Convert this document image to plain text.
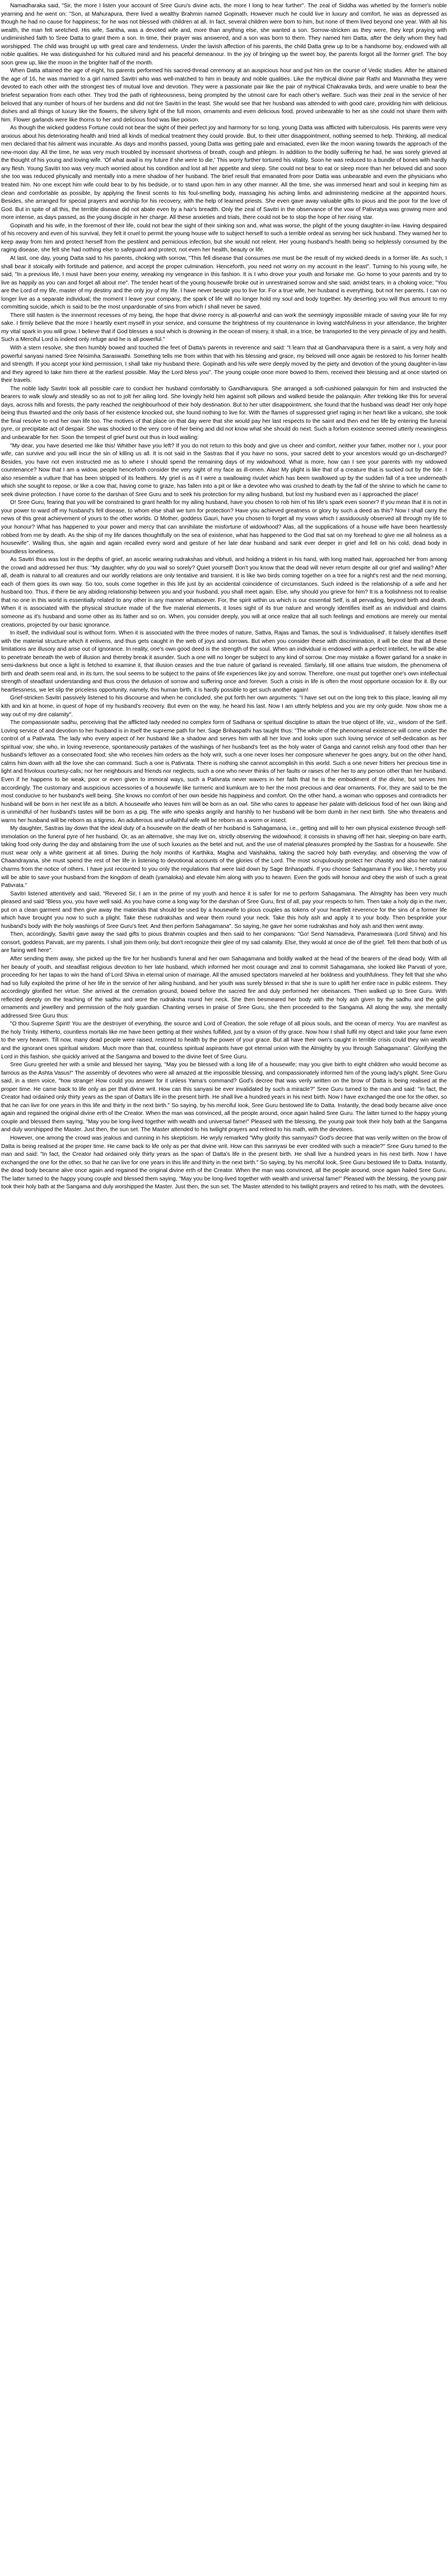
Namadharaka said, "Sir, the more I listen your account of Sree Guru's divine acts, the more I long to hear further". The zeal of Siddha was whetted by the former's noble yearning and he went on: "Son, at Mahurapura, there lived a wealthy Brahmin named Gopinath. However much he could live in luxury and comfort, he was as depressed as though he had no cause for happiness; for he was not blessed with children at all. In fact, several children were born to him, but none of them lived beyond one year. With all his wealth, the man felt wretched. His wife, Santha, was a devoted wife and, more than anything else, she wanted a son. Sorrow-stricken as they were, they kept praying with undiminished faith to Sree Datta to grant them a son. In time, their prayer was answered, and a son was born to them. They named him Datta, after the deity whom they had worshipped. The child was brought up with great care and tenderness. Under the lavish affection of his parents, the child Datta grew up to be a handsome boy, endowed with all noble qualities. He was distinguished for his cultured mind and his peaceful demeanour. In the joy of bringing up the sweet boy, the parents forgot all the former grief. The boy soon grew up, like the moon in the brighter half of the month.

When Datta attained the age of eight, his parents performed his sacred-thread ceremony at an auspicious hour and put him on the course of Vedic studies. After he attained the age of 16, he was married to a girl named Savitri who was well-matched to him in beauty and noble qualities. Like the mythical divine pair Rathi and Manmatha they were devoted to each other with the strongest ties of mutual love and devotion. They were a passionate pair like the pair of mythical Chakravaka birds, and were unable to bear the briefest separation from each other. They trod the path of righteousness, being prompted by the utmost care for each other's welfare. Such was their zeal in the service of her beloved that any number of hours of her burdens and did not tire Savitri in the least. She would see that her husband was attended to with good care, providing him with delicious dishes and all things of luxury like the flowers, the silvery light of the full moon, ornaments and even delicious food, proved unbearable to her as she could not share them with him. Flower garlands were like thorns to her and delicious food was like poison.

As though the wicked goddess Fortune could not bear the sight of their perfect joy and harmony for so long, young Datta was afflicted with tuberculosis. His parents were very anxious about his deteriorating health and tried all kinds of medical treatment they could provide. But, to their utter disappointment, nothing seemed to help. Thinking, all medical men declared that his ailment was incurable. As days and months passed, young Datta was getting pale and emaciated, even like the moon waning towards the approach of the new-moon day. All the time, he was very much troubled by incessant shortness of breath, cough and phlegm. In addition to the bodily suffering he had, he was sorely grieved at the thought of his young and loving wife. 'Of what avail is my future if she were to die,' This worry further tortured his vitality. Soon he was reduced to a bundle of bones with hardly any flesh. Young Savitri too was very much worried about his condition and lost all her appetite and sleep. She could not bear to eat or sleep more than her beloved did and soon she too was reduced physically and mentally into a mere shadow of her husband. The brief result that emanated from poor Datta was unbearable and even the physicians who treated him. No one except him wife could bear to by his bedside, or to stand upon him in any other manner. All the time, she was immersed heart and soul in keeping him as clean and comfortable as possible, by applying the finest scents to his foul-smelling body, massaging his aching limbs and administering medicine at the appointed hours. Besides, she arranged for special prayers and worship for his recovery, with the help of learned priests. She even gave away valuable gifts to pious and the poor for the love of God. But in spite of all this, the terrible disease did not abate even by a hair's breadth. Only the zeal of Savitri in the observance of the vow of Pativratya was growing more and more intense, as days passed, as the young disciple in her charge. All these anxieties and trials, there could not be to stop the hope of her rising star.

Gopinath and his wife, in the foremost of their life, could not bear the sight of their sinking son and, what was worse, the plight of the young daughter-in-law. Having despaired of his recovery and even of his survival, they felt it cruel to permit the young house wife to subject herself to such a terrible ordeal as serving her sick husband. They warned her to keep away from him and protect herself from the pestilent and pernicious infection, but she would not relent. Her young husband's health being so helplessly consumed by the raging disease, she felt she had nothing else to safeguard and protect, not even her health, beauty or life.

At last, one day, young Datta said to his parents, choking with sorrow, "This fell disease that consumes me must be the result of my wicked deeds in a former life. As such, I shall bear it stoically with fortitude and patience, and accept the proper culmination. Henceforth, you need not worry on my account in the least". Turning to his young wife, he said, "In a previous life, I must have been your enemy, wreaking my vengeance in this fashion. It is I who drove your youth and forsake me. Go home to your parents and try to live as happily as you can and forget all about me". The tender heart of the young housewife broke out in unrestrained sorrow and she said, amidst tears, in a choking voice; "You are the Lord of my life, master of my destiny and the only joy of my life. I have never beside you to live for. For a true wife, her husband is everything, but not her parents. I can no longer live as a separate individual; the moment I leave your company, the spark of life will no longer hold my soul and body together. My deserting you will thus amount to my committing suicide, which is said to be the most unpardonable of sins from which I shall never be saved.

There still hasten is the innermost recesses of my being, the hope that divine mercy is all-powerful and can work the seemingly impossible miracle of saving your life for my sake. I firmly believe that the more I heartily exert myself in your service, and consume the brightness of my countenance in loving watchfulness in your attendance, the brighter my vital spark in you will grow. I believe that if God blesses a soul which is drowning in the ocean of misery, it shall, in a trice, be transported to the very pinnacle of joy and health. Such a Merciful Lord is indeed only refuge and he is all powerful."

With a stern resolve, she then humbly bowed and touched the feet of Datta's parents in reverence and said: "I learn that at Gandharvapura there is a saint, a very holy and powerful sanyasi named Sree Nrisimha Saraswathi. Something tells me from within that with his blessing and grace, my beloved will once again be restored to his former health and strength. If you accept your kind permission, I shall take my husband there. Gopinath and his wife were deeply moved by the piety and devotion of the young daughter-in-law and they agreed to take him there at the earliest possible. May the Lord bless you". The young couple once more bowed to them, received their blessing and at once started on their travels.

The noble lady Savitri took all possible care to conduct her husband comfortably to Gandharvapura. She arranged a soft-cushioned palanquin for him and instructed the bearers to walk slowly and steadily so as not to jolt her ailing lord. She lovingly held him against soft pillows and walked beside the palanquin. After trekking like this for several days, across hills and forests, the party reached the neighbourhood of their holy destination. But to her utter disappointment, she found that the husband was dead! Her only hope being thus thwarted and the only basis of her existence knocked out, she found nothing to live for. With the flames of suppressed grief raging in her heart like a volcano, she took the final resolve to end her own life too. The motives of that place on that day were that she would pay her last respects to the saint and then end her life by entering the funeral pyre, or precipitate act of despair. She was shocked to the very core of her being and did not know what she should do next. Such a forlorn existence seemed utterly meaningless and unbearable for her. Soon the tempest of grief burst out thus in loud wailing:

"My dear, you have deserted me like this! Whither have you left? If you do not return to this body and give us cheer and comfort, neither your father, mother nor I, your poor wife, can survive and you will incur the sin of killing us all. It is not said in the Sastras that if you have no sons, your sacred debt to your ancestors would go un-discharged? Besides, you have not even instructed me as to where I should spend the remaining days of my widowhood. What is more, how can I see your parents with my widowed countenance? Now that I am a widow, people henceforth consider the very sight of my face as ill-omen. Alas! My plight is like that of a creature that is sucked out by the tide. I also resemble a vulture that has been stripped of its feathers. My grief is as if I were a swallowing rivulet which has been swallowed up by the sudden fall of a tree underneath which she sought to repose, or like a cow that, having come to graze, has fallen into a pit or like a devotee who was crushed to death by the fall of the shrine to which he came to seek divine protection. I have come to the darshan of Sree Guru and to seek his protection for my ailing husband, but lost my husband even as I approached the place!

O! Sree Guru, fearing that you will be constrained to grant health for my ailing husband, have you chosen to rob him of his life's spark even sooner? If you mean that it is not in your power to ward off my husband's fell disease, to whom else shall we turn for protection? Have you achieved greatness or glory by such a deed as this? Now I shall carry the news of this great achievement of yours to the other worlds. O Mother, goddess Gauri, have you chosen to forget all my vows which I assiduously observed all through my life to your honour? What has happened to your power and mercy that can annihilate the misfortune of widowhood? Alas, all the supplications of a house wife have been heartlessly robbed from me by death. As the ship of my life dances thoughtfully on the sea of existence, what has happened to the God that sat on my forehead to give me all holiness as a housewife". Wailing thus, she again and again recalled every word and gesture of her late dear husband and sank ever deeper in grief and fell on his cold, dead body in boundless loneliness.

As Savitri thus was lost in the depths of grief, an ascetic wearing rudrakshas and vibhuti, and holding a trident in his hand, with long matted hair, approached her from among the crowd and addressed her thus: "My daughter, why do you wail so sorely? Quiet yourself! Don't you know that the dead will never return despite all our grief and wailing? After all, death is natural to all creatures and our worldly relations are only tentative and transient. It is like two birds coming together on a tree for a night's rest and the next morning, each of them goes its own way. So too, souls come together in this life just by an accidental coincidence of circumstances. Such indeed is the relationship of a wife and her husband too. Thus, if there be any abiding relationship between you and your husband, you shall meet again. Else, why should you grieve for him? It is a foolishness not to realise that no one in this world is essentially related to any other in any manner whatsoever. For, the spirit within us which is our essential Self, is all pervading, beyond birth and death. When it is associated with the physical structure made of the five material elements, it loses sight of its true nature and wrongly identifies itself as an individual and claims someone as it's husband and some other as its father and so on. When, you consider deeply, you will at once realize that all such feelings and emotions are merely our mental creations, projected by our basic ignorance.

In itself, the individual soul is without form. When it is associated with the three modes of nature, Sattva, Rajas and Tamas, the soul is 'individualised'. It falsely identifies itself with the material structure which it enlivens, and thus gets caught in the web of joys and sorrows. But when you consider these with discrimination, it will be clear that all these limitations are illusory and arise out of ignorance. In reality, one's own good deed is the strength of the soul. When an individual is endowed with a perfect intellect, he will be able to penetrate beneath the web of illusion and thereby break it asunder. Such a one will no longer be subject to any kind of sorrow. One may mistake a flower garland for a snake in semi-darkness but once a light is fetched to examine it, that illusion ceases and the true nature of garland is revealed. Similarly, till one attains true wisdom, the phenomena of birth and death seem real and, in its turn, the soul seems to be subject to the pains of life experiences like joy and sorrow. Therefore, one must put together one's own intellectual strength of steadfast understanding and thus cross the delusion of sorrow and suffering once and forever. Such a crisis in life is often the most opportune occasion for it. By our heartlessness, we let slip the priceless opportunity, namely, this human birth, it is hardly possible to get such another again!

Grief-stricken Savitri passively listened to his discourse and when he concluded, she put forth her own arguments: "I have set out on the long trek to this place, leaving all my kith and kin at home, in quest of hope of my husband's recovery. But even on the way, he heard his last. Now I am utterly helpless and you are my only guide. Now show me a way out of my dire calamity".

The compassionate sadhu, perceiving that the afflicted lady needed no complex form of Sadhana or spiritual discipline to attain the true object of life, viz., wisdom of the Self. Loving service of and devotion to her husband is in itself the supreme path for her. Sage Brihaspathi has taught thus: "The whole of the phenomenal existence will come under the control of a Pativrata. The lady who every aspect of her husband like a shadow and serves him with all her love and looks upon such loving service of self-dedication as her spiritual vow; she who, in loving reverence, spontaneously partakes of the washings of her husband's feet as the holy water of Ganga and cannot relish any food other than her husband's leftover as a consecrated food; she who receives him orders as the holy writ, such a one never loses her composure whenever he goes angry, but on the other hand, calms him down with all the love she can command. Such a one is Pativrata. There is nothing she cannot accomplish in this world. Such a one never fritters her precious time in light and frivolous courtesy-calls; nor her neighbours and friends nor neglects, such a one who never thinks of her faults or raises of her her to any person other than her husband. Even if he happens to be weak, poor or even given to immoral ways, such a Pativrata never wavers in her faith that he is the embodiment of the divine, but serves him accordingly. The customary and auspicious accessories of a housewife like turmeric and kumkum are to her the most precious and dear ornaments. For, they are said to be the most conducive to her husband's well being. She knows no comfort of her own beside his happiness and comfort. On the other hand, a woman who opposes and contradicts her husband will be born in her next life as a bitch. A housewife who leaves him will be born as an owl. She who cares to appease her palate with delicious food of her own liking and is unmindful of her husband's tastes will be born as a pig. The wife who speaks angrily and harshly to her husband will be born dumb in her next birth. She who threatens and warns her husband will be reborn as a tigress. An adulterous and unfaithful wife will be reborn as a worm or insect.

My daughter, Sastras lay down that the ideal duty of a housewife on the death of her husband is Sahagamana, i.e., getting and will to her own physical existence through self-immolation on the funeral pyre of her husband. Or, as an alternative, she may live on, strictly observing the widowhood; it consists in shaving off her hair, sleeping on bare earth, taking food only during the day and abstaining from the use of such luxuries as the betel and nut, and the use of material pleasures prompted by the Sastras for a housewife. She must wear only a white garment at all times. During the holy months of Karthika, Magha and Vaishakha, taking the sacred holy bath everyday, and observing the vow of Chaandrayana, she must spend the rest of her life in listening to devotional accounts of the glories of the Lord. The most scrupulously protect her chastity and also her natural charms from the notice of others. I have just recounted to you only the regulations that were laid down by Sage Brihaspathi. If you choose Sahagamana if you like, I hereby you will be able to save your husband from the kingdom of death (yamaloka) and elevate him along with you to heaven. Even the gods will honour and obey the wish of such a great Pativrata."

Savitri listened attentively and said, "Revered Sir, I am in the prime of my youth and hence it is safer for me to perform Sahagamana. The Almighty has been very much pleased and said "Bless you, you have well said. As you have come a long way for the darshan of Sree Guru, first of all, pay your respects to him. Then take a holy dip in the river, put on a clean garment and then give away the materials that should be used by a housewife to pious couples as tokens of your heartfelt reverence for the sins of a former life which have brought you now to such a plight. Take these rudrakshas and wear them round your neck. Take this holy ash and apply it to your body. Then besprinkle your husband's body with the holy washings of Sree Guru's feet. And then perform Sahagamana". So saying, he gave her some rudrakshas and holy ash and then went away.

Then, accordingly, Savitri gave away the said gifts to pious Brahmin couples and then said to her companions: "Go! Send Namadeva, Parameswara (Lord Shiva) and his consort, goddess Parvati, are my parents. I shall join them only, but don't recognize their glee of my sad calamity. Else, they would at once die of the grief. Tell them that both of us are faring well here".

After sending them away, she picked up the fire for her husband's funeral and her own Sahagamana and boldly walked at the head of the bearers of the dead body. With all her beauty of youth, and steadfast religious devotion to her late husband, which informed her most courage and zeal to commit Sahagamana, she looked like Parvati of yore, proceeding for her tapas to win the hand of Lord Shiva in eternal union of marriage. All the amused spectators marveled at her boldness and youthfulness. They felt that she who had so fully exploited the prime of her life in the service of her ailing husband, and her youth was surely blessed in that she is sure to uplift her entire race in public esteem. They accordingly glorified her virtue. She arrived at the cremation ground, bowed before the sacred fire and duly performed her obeisances. Then walked up to Sree Guru. With reflected deeply on the teaching of the sadhu and wore the rudraksha round her neck. She then besmeared her body with the holy ash given by the sadhu and the gold ornaments and jewellery and permission of the holy guardian. Chanting verses in praise of Sree Guru, she then proceeded to the Sangama. All along the way, she mentally addressed Sree Guru thus:

"O thou Supreme Spirit! You are the destroyer of everything, the source and Lord of Creation, the sole refuge of all pious souls, and the ocean of mercy. You are manifest as the holy Trinity. Hitherto, countless mortals like me have been getting at their wishes fulfilled, just by a vision of thy grace. Now how I shall fulfil my object and take your fame even to the very heaven. Till now, many dead people were raised, restored to health by the power of your grace. But all have their own's caught in terrible crisis could they win wealth and the ignorant ones spiritual wisdom. Much more than that, countless spiritual aspirants have got eternal union with the Almighty by you through Sahagamana". Glorifying the Lord in this fashion, she quickly arrived at the Sangama and bowed to the divine feet of Sree Guru.

Sree Guru greeted her with a smile and blessed her saying, "May you be blessed with a long life of a housewife; may you give birth to eight children who would become as famous as the Ashta Vasus!" The assembly of devotees who were all amazed at the impossible blessing, and compassionately informed him of the young lady's plight. Sree Guru said, in a stern voice, "how strange! How could you answer for it unless Yama's command? God's decree that was verily written on the brow of Datta is being realised at the proper time. He came back to life only as per that divine writ. How can this sanyasi be ever invalidated by such a miracle?" Sree Guru turned to the man and said: "In fact, the Creator had ordained only thirty years as the span of Datta's life in the present birth. He shall live a hundred years in his next birth. Now I have exchanged the one for the other, so that he can live for one years in this life and thirty in the next birth." So saying, by his merciful look, Sree Guru bestowed life to Datta. Instantly, the dead body became alive once again and regained the original divine erth of the Creator. When the man was convinced, all the people around, once again hailed Sree Guru. The latter turned to the happy young couple and blessed them saying, "May you be long-lived together with wealth and universal fame!" Pleased with the blessing, the young pair took their holy bath at the Sangama and duly worshipped the Master. Just then, the sun set. The Master attended to his twilight prayers and retired to his math, with the devotees.

However, one among the crowd was jealous and cunning in his skepticism. He wryly remarked "Why glorify this sannyasi? God's decree that was verily written on the brow of Datta is being realised at the proper time. He came back to life only as per that divine writ. How can this sannyasi be ever credited with such a miracle?" Sree Guru turned to the man and said: "In fact, the Creator had ordained only thirty years as the span of Datta's life in the present birth. He shall live a hundred years in his next birth. Now I have exchanged the one for the other, so that he can live for one years in this life and thirty in the next birth." So saying, by his merciful look, Sree Guru bestowed life to Datta. Instantly, the dead body became alive once again and regained the original divine erth of the Creator. When the man was convinced, all the people around, once again hailed Sree Guru. The latter turned to the happy young couple and blessed them saying, "May you be long-lived together with wealth and universal fame!" Pleased with the blessing, the young pair took their holy bath at the Sangama and duly worshipped the Master. Just then, the sun set. The Master attended to his twilight prayers and retired to his math, with the devotees.
